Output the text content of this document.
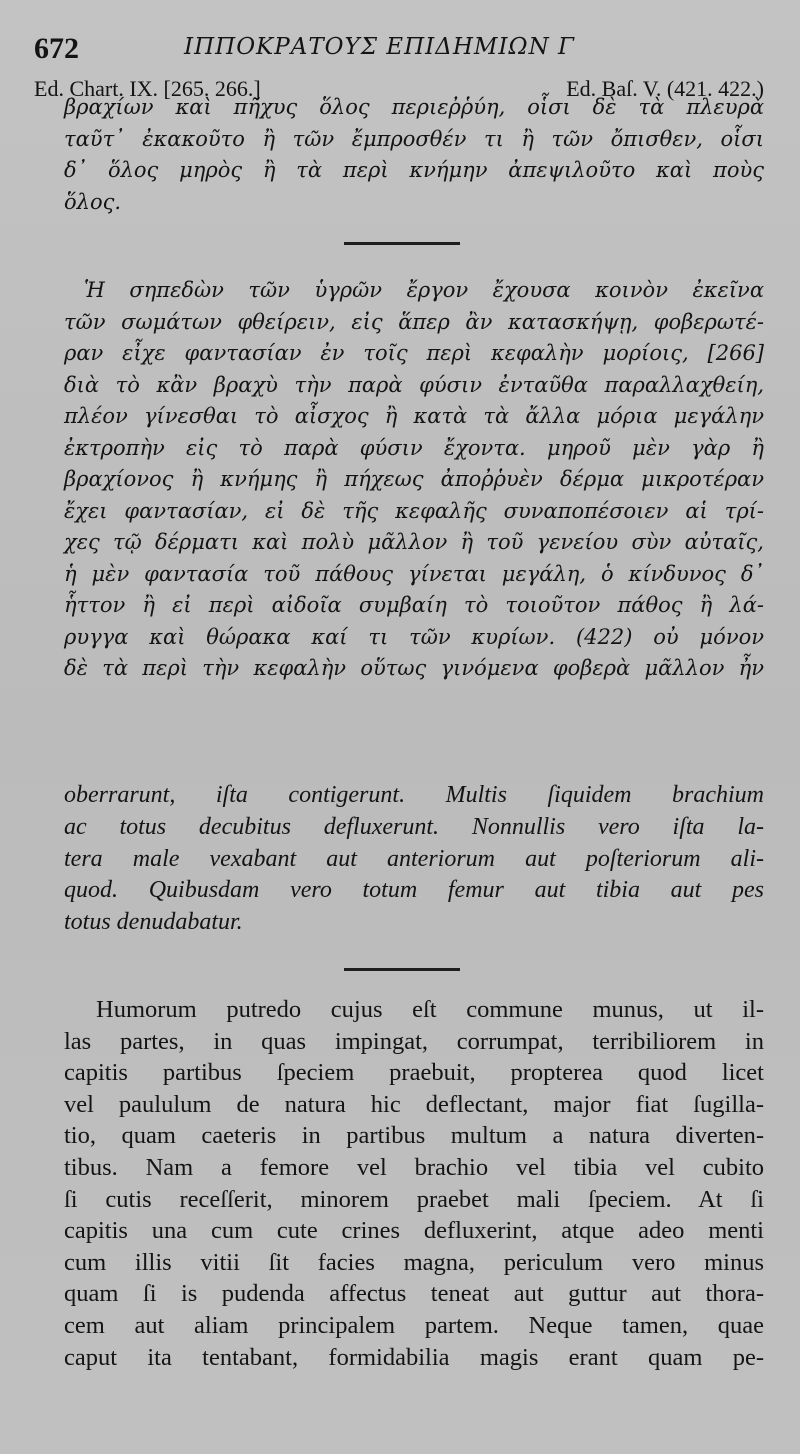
672	ΙΠΠΟΚΡΑΤΟΥΣ ΕΠΙΔΗΜΙΩΝ Γ
Ed. Chart. IX. [265. 266.]	Ed. Baſ. V. (421. 422.)
βραχίων καὶ πῆχυς ὅλος περιεῤῥύη, οἷσι δὲ τὰ πλευρὰ
ταῦτ᾽ ἐκακοῦτο ἢ τῶν ἔμπροσθέν τι ἢ τῶν ὄπισθεν, οἷσι
δ᾽ ὅλος μηρὸς ἢ τὰ περὶ κνήμην ἀπεψιλοῦτο καὶ ποὺς
ὅλος.
Ἡ σηπεδὼν τῶν ὑγρῶν ἔργον ἔχουσα κοινὸν ἐκεῖνα
τῶν σωμάτων φθείρειν, εἰς ἅπερ ἂν κατασκήψῃ, φοβερωτέ-
ραν εἶχε φαντασίαν ἐν τοῖς περὶ κεφαλὴν μορίοις, [266]
διὰ τὸ κἂν βραχὺ τὴν παρὰ φύσιν ἐνταῦθα παραλλαχθείη,
πλέον γίνεσθαι τὸ αἶσχος ἢ κατὰ τὰ ἄλλα μόρια μεγάλην
ἐκτροπὴν εἰς τὸ παρὰ φύσιν ἔχοντα. μηροῦ μὲν γὰρ ἢ
βραχίονος ἢ κνήμης ἢ πήχεως ἀποῤῥυὲν δέρμα μικροτέραν
ἔχει φαντασίαν, εἰ δὲ τῆς κεφαλῆς συναποπέσοιεν αἱ τρί-
χες τῷ δέρματι καὶ πολὺ μᾶλλον ἢ τοῦ γενείου σὺν αὐταῖς,
ἡ μὲν φαντασία τοῦ πάθους γίνεται μεγάλη, ὁ κίνδυνος δ᾽
ἧττον ἢ εἰ περὶ αἰδοῖα συμβαίη τὸ τοιοῦτον πάθος ἢ λά-
ρυγγα καὶ θώρακα καί τι τῶν κυρίων. (422) οὐ μόνον
δὲ τὰ περὶ τὴν κεφαλὴν οὕτως γινόμενα φοβερὰ μᾶλλον ἦν
oberrarunt, iſta contigerunt. Multis ſiquidem brachium
ac totus decubitus defluxerunt. Nonnullis vero iſta la-
tera male vexabant aut anteriorum aut poſteriorum ali-
quod. Quibusdam vero totum femur aut tibia aut pes
totus denudabatur.
Humorum putredo cujus eſt commune munus, ut il-
las partes, in quas impingat, corrumpat, terribiliorem in
capitis partibus ſpeciem praebuit, propterea quod licet
vel paululum de natura hic deflectant, major fiat ſugilla-
tio, quam caeteris in partibus multum a natura diverten-
tibus. Nam a femore vel brachio vel tibia vel cubito
ſi cutis receſſerit, minorem praebet mali ſpeciem. At ſi
capitis una cum cute crines defluxerint, atque adeo menti
cum illis vitii ſit facies magna, periculum vero minus
quam ſi is pudenda affectus teneat aut guttur aut thora-
cem aut aliam principalem partem. Neque tamen, quae
caput ita tentabant, formidabilia magis erant quam pe-
